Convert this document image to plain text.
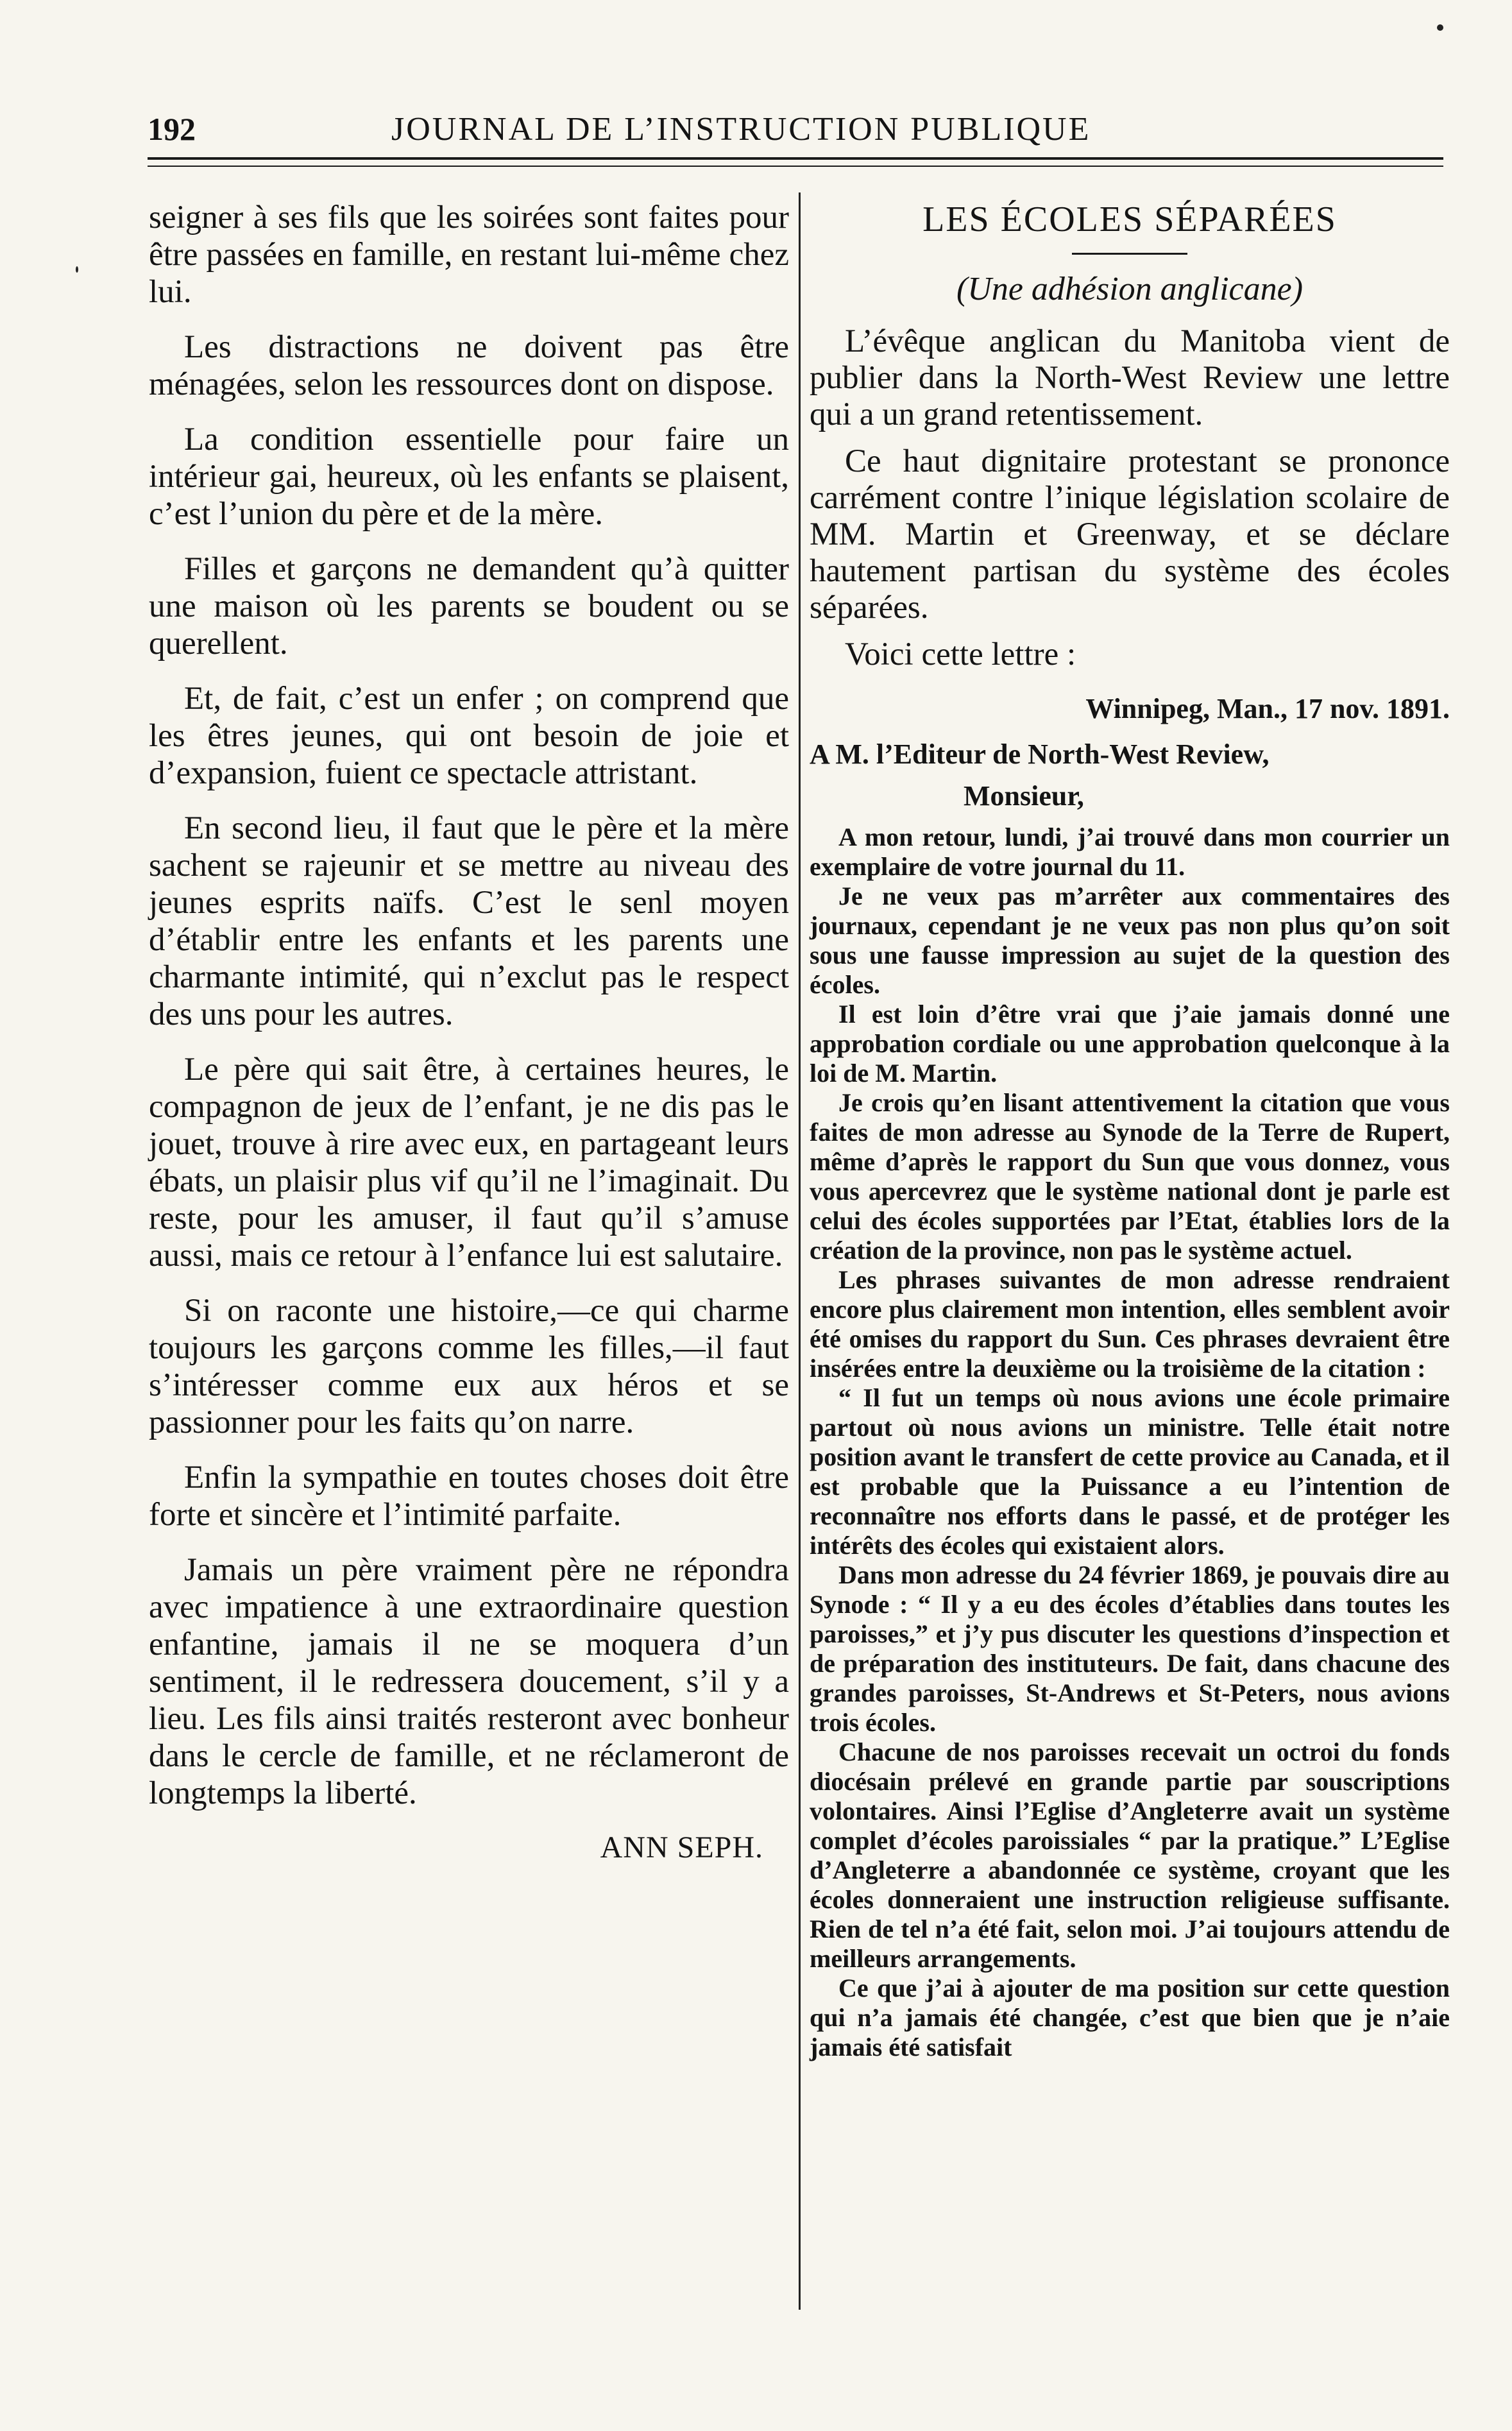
192	JOURNAL DE L’INSTRUCTION PUBLIQUE

seigner à ses fils que les soirées sont faites pour être passées en famille, en restant lui-même chez lui.

Les distractions ne doivent pas être ménagées, selon les ressources dont on dispose.

La condition essentielle pour faire un intérieur gai, heureux, où les enfants se plaisent, c’est l’union du père et de la mère.

Filles et garçons ne demandent qu’à quitter une maison où les parents se boudent ou se querellent.

Et, de fait, c’est un enfer ; on comprend que les êtres jeunes, qui ont besoin de joie et d’expansion, fuient ce spectacle attristant.

En second lieu, il faut que le père et la mère sachent se rajeunir et se mettre au niveau des jeunes esprits naïfs. C’est le senl moyen d’établir entre les enfants et les parents une charmante intimité, qui n’exclut pas le respect des uns pour les autres.

Le père qui sait être, à certaines heures, le compagnon de jeux de l’enfant, je ne dis pas le jouet, trouve à rire avec eux, en partageant leurs ébats, un plaisir plus vif qu’il ne l’imaginait. Du reste, pour les amuser, il faut qu’il s’amuse aussi, mais ce retour à l’enfance lui est salutaire.

Si on raconte une histoire,—ce qui charme toujours les garçons comme les filles,—il faut s’intéresser comme eux aux héros et se passionner pour les faits qu’on narre.

Enfin la sympathie en toutes choses doit être forte et sincère et l’intimité parfaite.

Jamais un père vraiment père ne répondra avec impatience à une extraordinaire question enfantine, jamais il ne se moquera d’un sentiment, il le redressera doucement, s’il y a lieu. Les fils ainsi traités resteront avec bonheur dans le cercle de famille, et ne réclameront de longtemps la liberté.

ANN SEPH.
LES ÉCOLES SÉPARÉES
(Une adhésion anglicane)

L’évêque anglican du Manitoba vient de publier dans la North-West Review une lettre qui a un grand retentissement.

Ce haut dignitaire protestant se prononce carrément contre l’inique législation scolaire de MM. Martin et Greenway, et se déclare hautement partisan du système des écoles séparées.

Voici cette lettre :

Winnipeg, Man., 17 nov. 1891.
A M. l’Editeur de North-West Review,
Monsieur,

A mon retour, lundi, j’ai trouvé dans mon courrier un exemplaire de votre journal du 11.

Je ne veux pas m’arrêter aux commentaires des journaux, cependant je ne veux pas non plus qu’on soit sous une fausse impression au sujet de la question des écoles.

Il est loin d’être vrai que j’aie jamais donné une approbation cordiale ou une approbation quelconque à la loi de M. Martin.

Je crois qu’en lisant attentivement la citation que vous faites de mon adresse au Synode de la Terre de Rupert, même d’après le rapport du Sun que vous donnez, vous vous apercevrez que le système national dont je parle est celui des écoles supportées par l’Etat, établies lors de la création de la province, non pas le système actuel.

Les phrases suivantes de mon adresse rendraient encore plus clairement mon intention, elles semblent avoir été omises du rapport du Sun. Ces phrases devraient être insérées entre la deuxième ou la troisième de la citation :

“ Il fut un temps où nous avions une école primaire partout où nous avions un ministre. Telle était notre position avant le transfert de cette provice au Canada, et il est probable que la Puissance a eu l’intention de reconnaître nos efforts dans le passé, et de protéger les intérêts des écoles qui existaient alors.

Dans mon adresse du 24 février 1869, je pouvais dire au Synode : “ Il y a eu des écoles d’établies dans toutes les paroisses,” et j’y pus discuter les questions d’inspection et de préparation des instituteurs. De fait, dans chacune des grandes paroisses, St-Andrews et St-Peters, nous avions trois écoles.

Chacune de nos paroisses recevait un octroi du fonds diocésain prélevé en grande partie par souscriptions volontaires. Ainsi l’Eglise d’Angleterre avait un système complet d’écoles paroissiales “ par la pratique.” L’Eglise d’Angleterre a abandonnée ce système, croyant que les écoles donneraient une instruction religieuse suffisante. Rien de tel n’a été fait, selon moi. J’ai toujours attendu de meilleurs arrangements.

Ce que j’ai à ajouter de ma position sur cette question qui n’a jamais été changée, c’est que bien que je n’aie jamais été satisfait
